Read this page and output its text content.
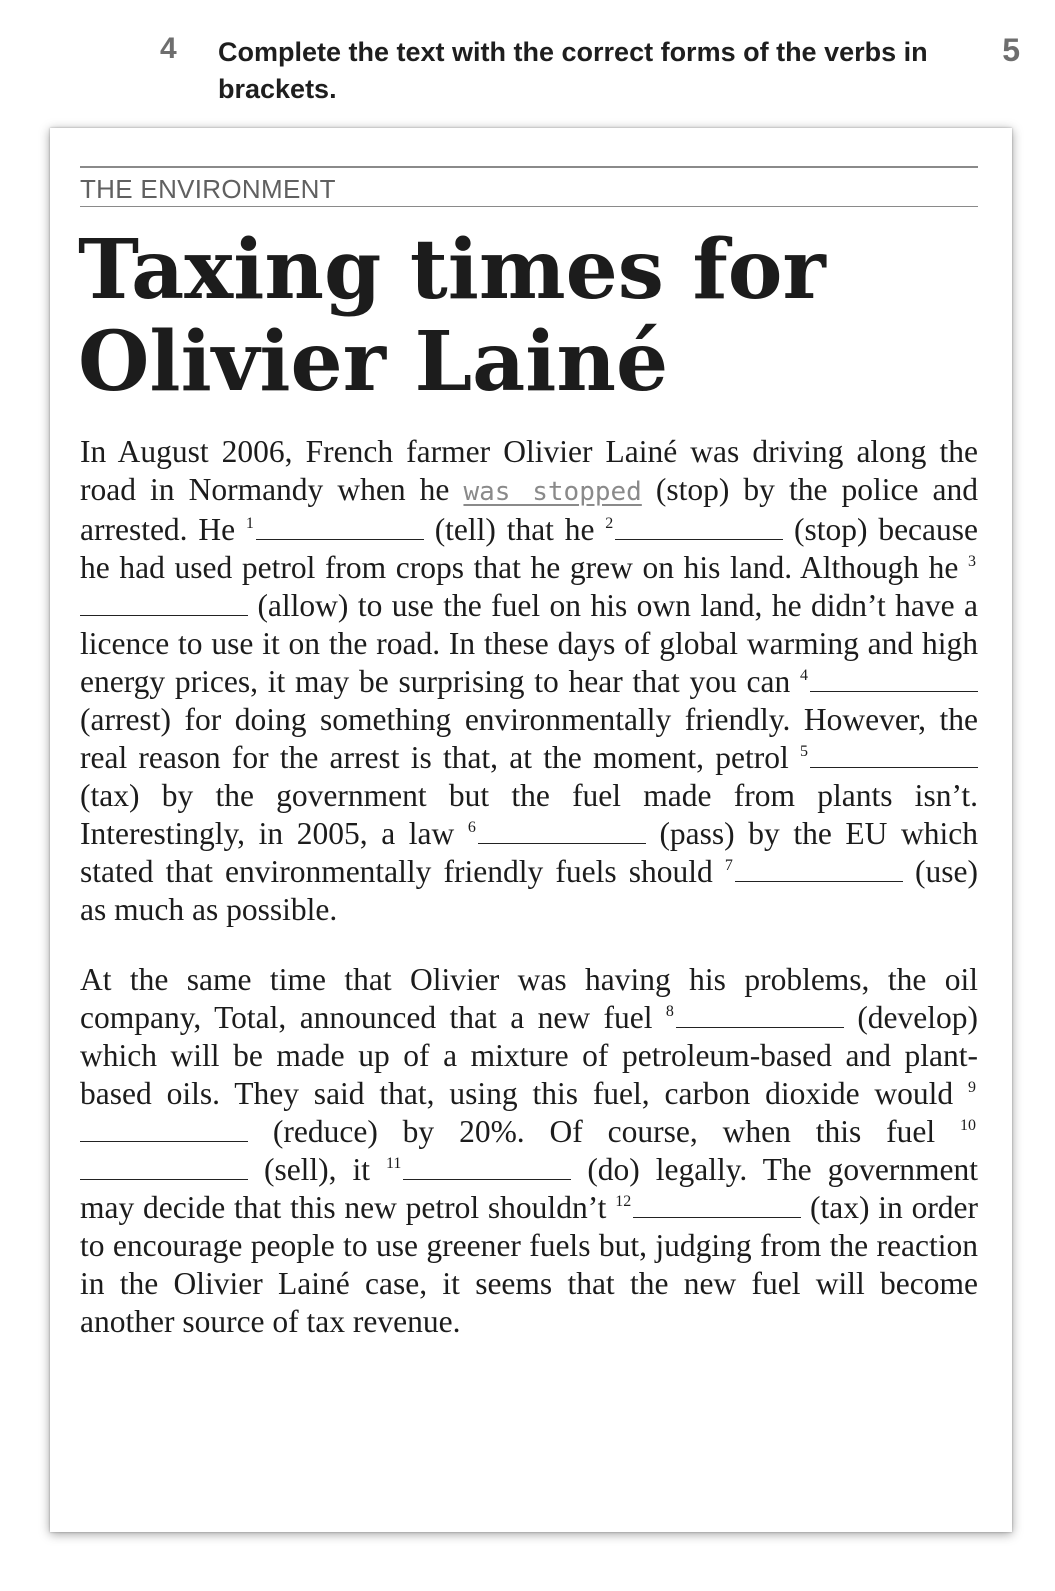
4 Complete the text with the correct forms of the verbs in brackets.
5
THE ENVIRONMENT
Taxing times for
Olivier Lainé

In August 2006, French farmer Olivier Lainé was driving along the road in Normandy when he was stopped (stop) by the police and arrested. He $^1$	(tell) that he $^2$	(stop) because he had used petrol from crops that he grew on his land. Although he $^3$ (allow) to use the fuel on his own land, he didn’t have a licence to use it on the road. In these days of global warming and high energy prices, it may be surprising to hear that you can $^4$ (arrest) for doing something environmentally friendly. However, the real reason for the arrest is that, at the moment, petrol $^5$ (tax) by the government but the fuel made from plants isn’t. Interestingly, in 2005, a law $^6$	(pass) by the EU which stated that environmentally friendly fuels should $^7$	(use) as much as possible.

At the same time that Olivier was having his problems, the oil company, Total, announced that a new fuel $^8$	(develop) which will be made up of a mixture of petroleum-based and plant-based oils. They said that, using this fuel, carbon dioxide would $^9$ (reduce) by 20%. Of course, when this fuel $^{10}$ (sell), it $^{11}$	(do) legally. The government may decide that this new petrol shouldn’t $^{12}$	(tax) in order to encourage people to use greener fuels but, judging from the reaction in the Olivier Lainé case, it seems that the new fuel will become another source of tax revenue.
